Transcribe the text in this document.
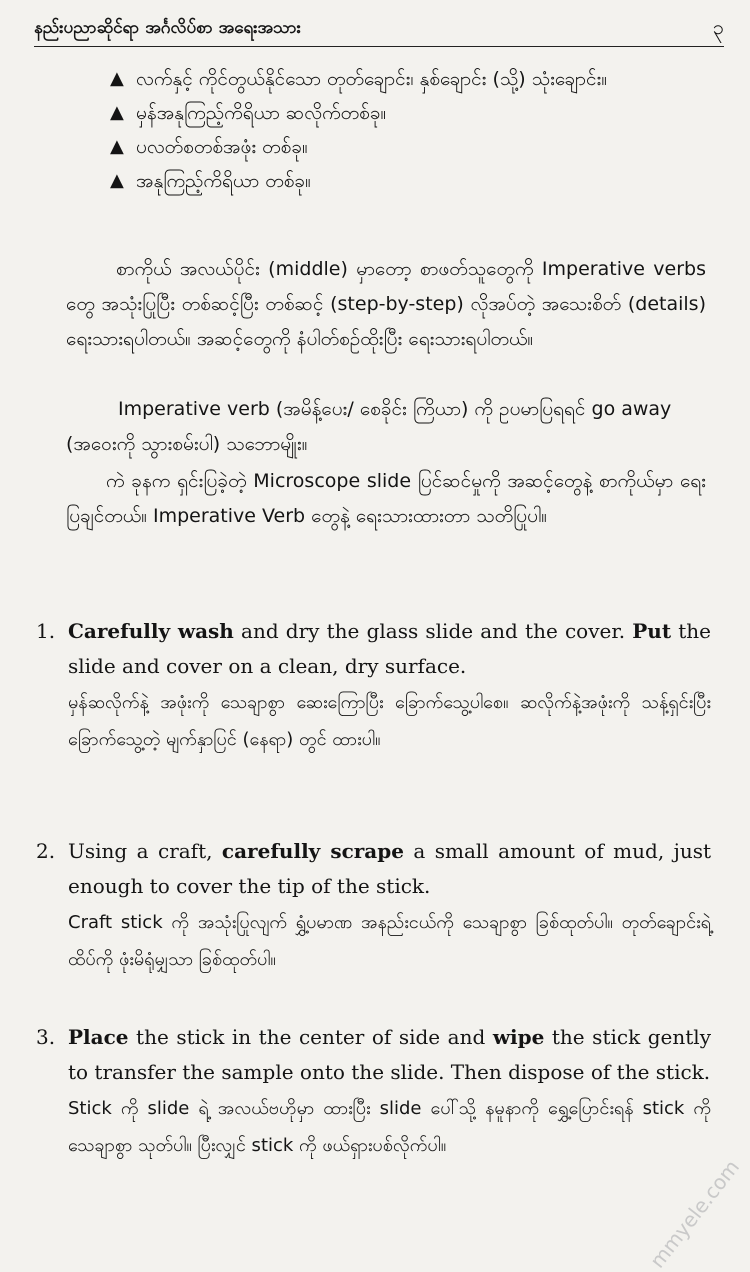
နည်းပညာဆိုင်ရာ အင်္ဂလိပ်စာ အရေးအသား	၃
▲ လက်နှင့် ကိုင်တွယ်နိုင်သော တုတ်ချောင်း၊ နှစ်ချောင်း (သို့) သုံးချောင်း။
▲ မှန်အနုကြည့်ကိရိယာ ဆလိုက်တစ်ခု။
▲ ပလတ်စတစ်အဖုံး တစ်ခု။
▲ အနုကြည့်ကိရိယာ တစ်ခု။
စာကိုယ် အလယ်ပိုင်း (middle) မှာတော့ စာဖတ်သူတွေကို Imperative verbs တွေ အသုံးပြုပြီး တစ်ဆင့်ပြီး တစ်ဆင့် (step-by-step) လိုအပ်တဲ့ အသေးစိတ် (details) ရေးသားရပါတယ်။ အဆင့်တွေကို နံပါတ်စဉ်ထိုးပြီး ရေးသားရပါတယ်။
Imperative verb (အမိန့်ပေး/ စေခိုင်း ကြိယာ) ကို ဥပမာပြရရင် go away (အဝေးကို သွားစမ်းပါ) သဘောမျိုး။
ကဲ ခုနက ရှင်းပြခဲ့တဲ့ Microscope slide ပြင်ဆင်မှုကို အဆင့်တွေနဲ့ စာကိုယ်မှာ ရေးပြချင်တယ်။ Imperative Verb တွေနဲ့ ရေးသားထားတာ သတိပြုပါ။
1. Carefully wash and dry the glass slide and the cover. Put the slide and cover on a clean, dry surface.
မှန်ဆလိုက်နဲ့ အဖုံးကို သေချာစွာ ဆေးကြောပြီး ခြောက်သွေ့ပါစေ။ ဆလိုက်နဲ့အဖုံးကို သန့်ရှင်းပြီး ခြောက်သွေ့တဲ့ မျက်နှာပြင် (နေရာ) တွင် ထားပါ။
2. Using a craft, carefully scrape a small amount of mud, just enough to cover the tip of the stick.
Craft stick ကို အသုံးပြုလျက် ရွှံ့ပမာဏ အနည်းငယ်ကို သေချာစွာ ခြစ်ထုတ်ပါ။ တုတ်ချောင်းရဲ့ထိပ်ကို ဖုံးမိရုံမျှသာ ခြစ်ထုတ်ပါ။
3. Place the stick in the center of side and wipe the stick gently to transfer the sample onto the slide. Then dispose of the stick.
Stick ကို slide ရဲ့ အလယ်ဗဟိုမှာ ထားပြီး slide ပေါ်သို့ နမူနာကို ရွှေ့ပြောင်းရန် stick ကို သေချာစွာ သုတ်ပါ။ ပြီးလျှင် stick ကို ဖယ်ရှားပစ်လိုက်ပါ။
mmyele.com
